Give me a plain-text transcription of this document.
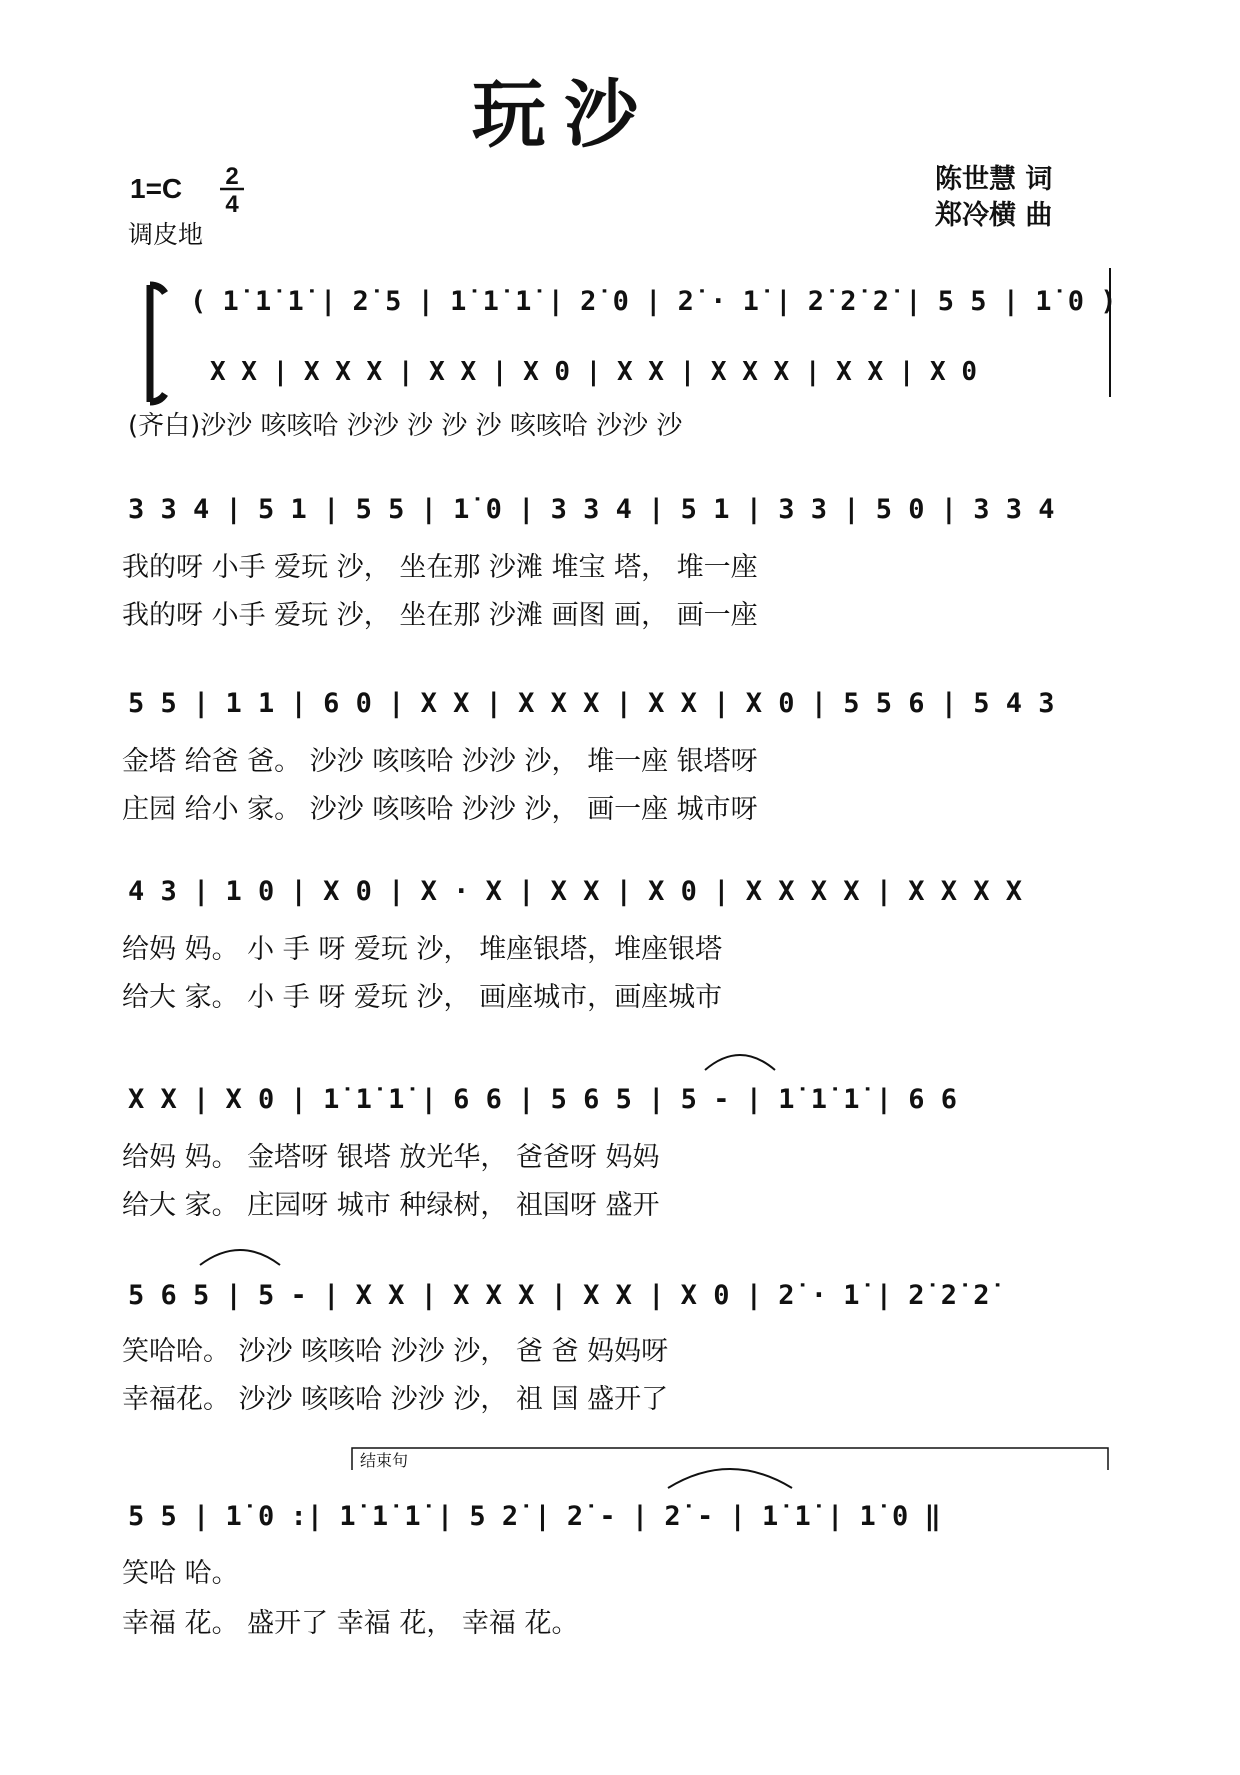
玩 沙
1=C 2
4
调皮地
陈世慧 词
郑冷横 曲
( 1̇ 1̇ 1̇ | 2̇ 5 | 1̇ 1̇ 1̇ | 2̇ 0 | 2̇ · 1̇ | 2̇ 2̇ 2̇ | 5 5 | 1̇ 0 )
X X | X X X | X X | X 0 | X X | X X X | X X | X 0
(齐白)沙沙 咳咳哈 沙沙 沙 沙 沙 咳咳哈 沙沙 沙
3 3 4 | 5 1 | 5 5 | 1̇ 0 | 3 3 4 | 5 1 | 3 3 | 5 0 | 3 3 4
我的呀 小手 爱玩 沙， 坐在那 沙滩 堆宝 塔， 堆一座
我的呀 小手 爱玩 沙， 坐在那 沙滩 画图 画， 画一座
5 5 | 1 1 | 6 0 | X X | X X X | X X | X 0 | 5 5 6 | 5 4 3
金塔 给爸 爸。 沙沙 咳咳哈 沙沙 沙， 堆一座 银塔呀
庄园 给小 家。 沙沙 咳咳哈 沙沙 沙， 画一座 城市呀
4 3 | 1 0 | X 0 | X · X | X X | X 0 | X X X X | X X X X
给妈 妈。 小 手 呀 爱玩 沙， 堆座银塔，堆座银塔
给大 家。 小 手 呀 爱玩 沙， 画座城市，画座城市
X X | X 0 | 1̇ 1̇ 1̇ | 6 6 | 5 6 5 | 5 - | 1̇ 1̇ 1̇ | 6 6
给妈 妈。 金塔呀 银塔 放光华， 爸爸呀 妈妈
给大 家。 庄园呀 城市 种绿树， 祖国呀 盛开
5 6 5 | 5 - | X X | X X X | X X | X 0 | 2̇ · 1̇ | 2̇ 2̇ 2̇
笑哈哈。 沙沙 咳咳哈 沙沙 沙， 爸 爸 妈妈呀
幸福花。 沙沙 咳咳哈 沙沙 沙， 祖 国 盛开了
结束句
5 5 | 1̇ 0 :| 1̇ 1̇ 1̇ | 5 2̇ | 2̇ - | 2̇ - | 1̇ 1̇ | 1̇ 0 ‖
笑哈 哈。
幸福 花。 盛开了 幸福 花， 幸福 花。
